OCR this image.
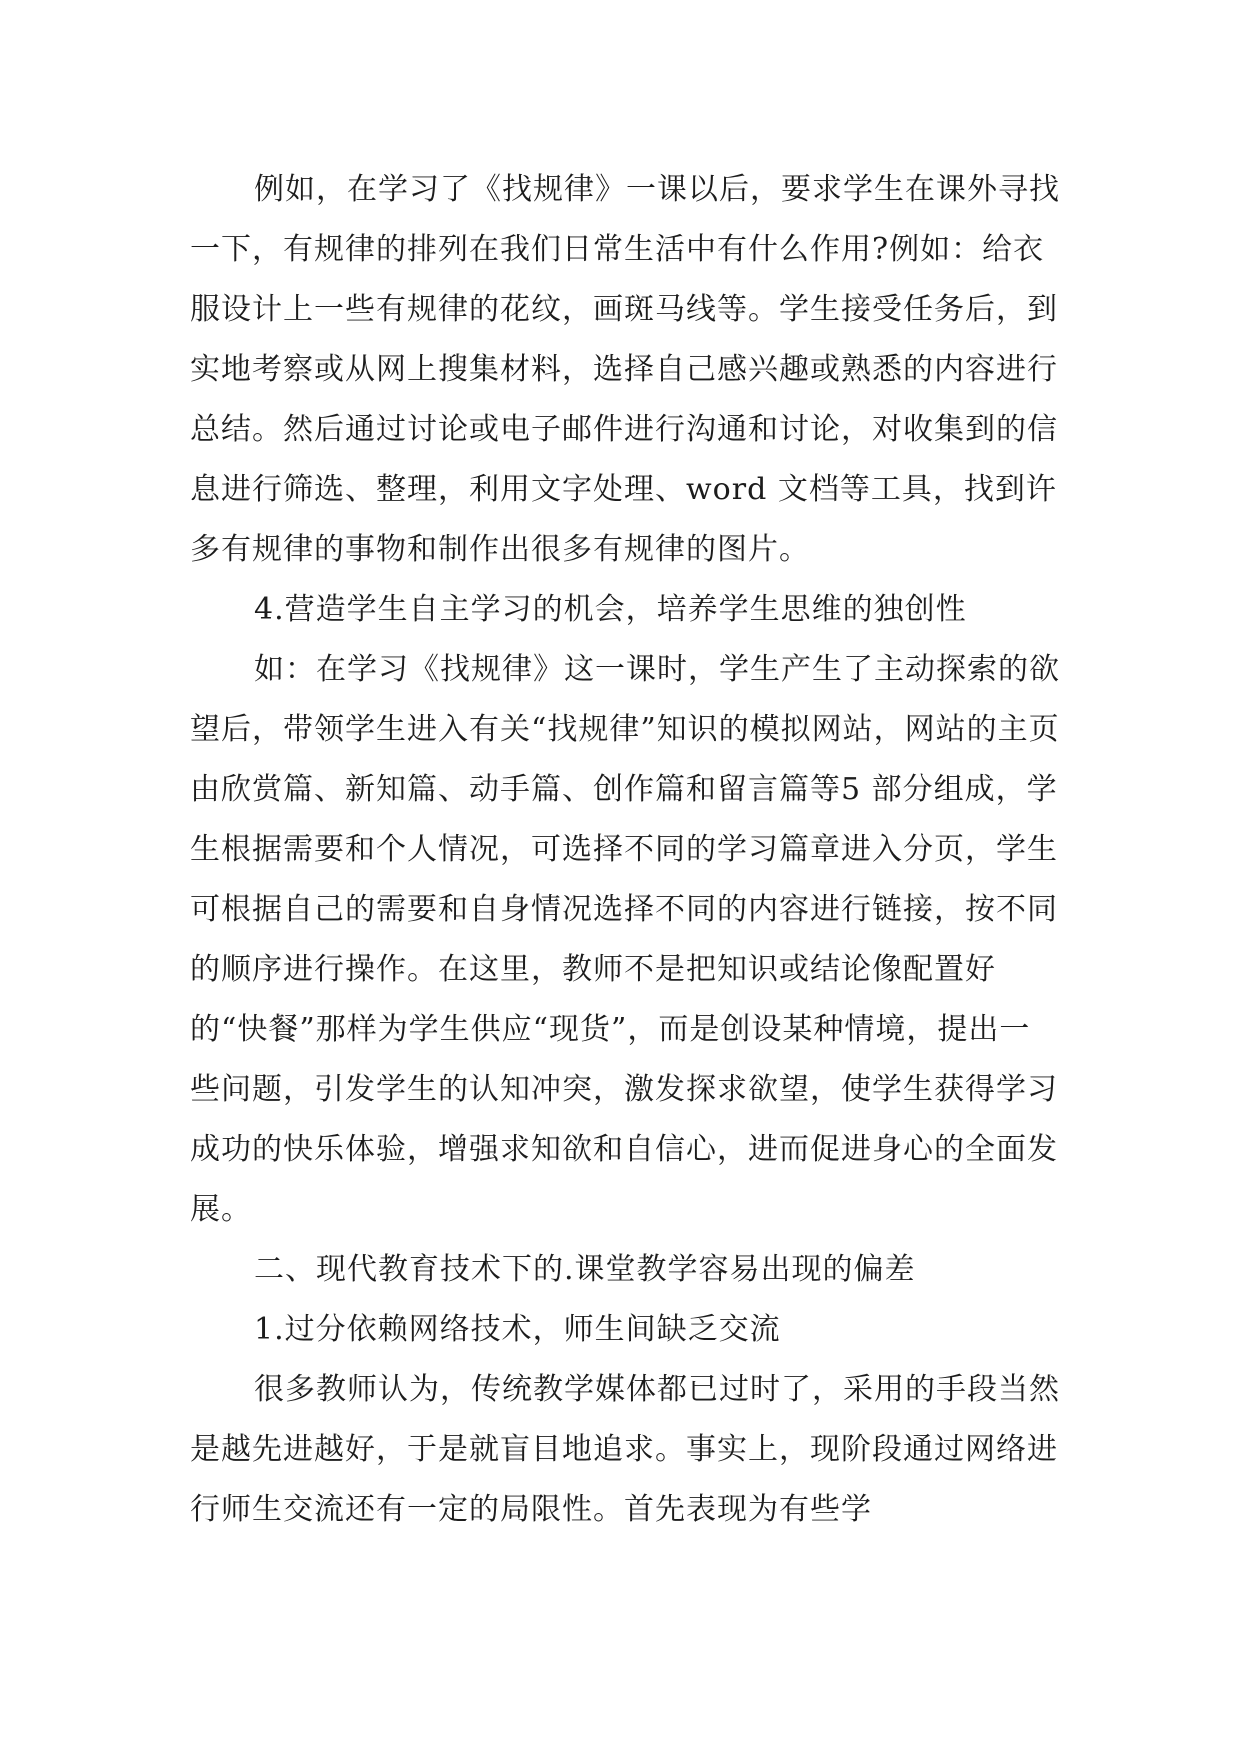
例如，在学习了《找规律》一课以后，要求学生在课外寻找一下，有规律的排列在我们日常生活中有什么作用?例如：给衣服设计上一些有规律的花纹，画斑马线等。学生接受任务后，到实地考察或从网上搜集材料，选择自己感兴趣或熟悉的内容进行总结。然后通过讨论或电子邮件进行沟通和讨论，对收集到的信息进行筛选、整理，利用文字处理、word 文档等工具，找到许多有规律的事物和制作出很多有规律的图片。

4.营造学生自主学习的机会，培养学生思维的独创性

如：在学习《找规律》这一课时，学生产生了主动探索的欲望后，带领学生进入有关“找规律”知识的模拟网站，网站的主页由欣赏篇、新知篇、动手篇、创作篇和留言篇等5 部分组成，学生根据需要和个人情况，可选择不同的学习篇章进入分页，学生可根据自己的需要和自身情况选择不同的内容进行链接，按不同的顺序进行操作。在这里，教师不是把知识或结论像配置好的“快餐”那样为学生供应“现货”，而是创设某种情境，提出一些问题，引发学生的认知冲突，激发探求欲望，使学生获得学习成功的快乐体验，增强求知欲和自信心，进而促进身心的全面发展。

二、现代教育技术下的.课堂教学容易出现的偏差

1.过分依赖网络技术，师生间缺乏交流

很多教师认为，传统教学媒体都已过时了，采用的手段当然是越先进越好，于是就盲目地追求。事实上，现阶段通过网络进行师生交流还有一定的局限性。首先表现为有些学
